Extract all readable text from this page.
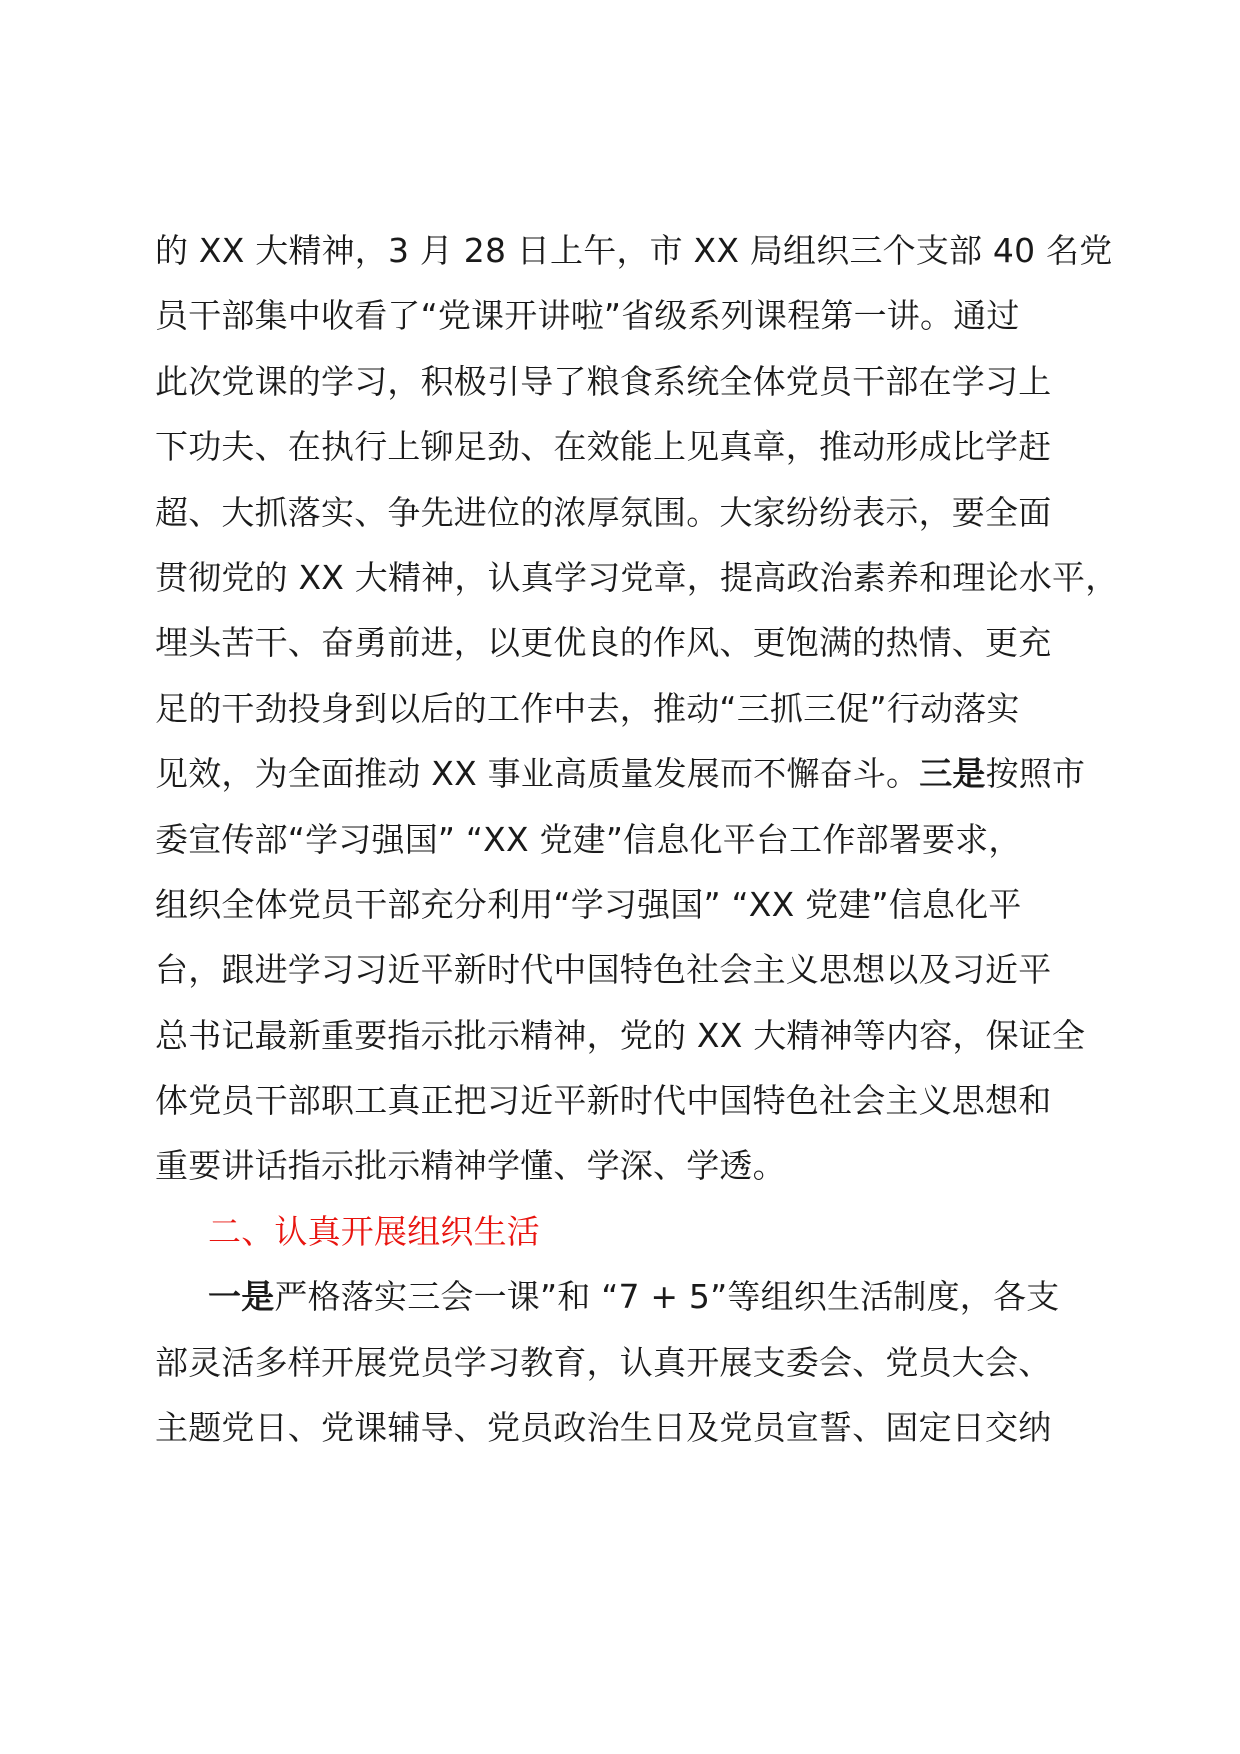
的 XX 大精神，3 月 28 日上午，市 XX 局组织三个支部 40 名党
员干部集中收看了“党课开讲啦”省级系列课程第一讲。通过
此次党课的学习，积极引导了粮食系统全体党员干部在学习上
下功夫、在执行上铆足劲、在效能上见真章，推动形成比学赶
超、大抓落实、争先进位的浓厚氛围。大家纷纷表示，要全面
贯彻党的 XX 大精神，认真学习党章，提高政治素养和理论水平，
埋头苦干、奋勇前进，以更优良的作风、更饱满的热情、更充
足的干劲投身到以后的工作中去，推动“三抓三促”行动落实
见效，为全面推动 XX 事业高质量发展而不懈奋斗。三是按照市
委宣传部“学习强国” “XX 党建”信息化平台工作部署要求，
组织全体党员干部充分利用“学习强国” “XX 党建”信息化平
台，跟进学习习近平新时代中国特色社会主义思想以及习近平
总书记最新重要指示批示精神，党的 XX 大精神等内容，保证全
体党员干部职工真正把习近平新时代中国特色社会主义思想和
重要讲话指示批示精神学懂、学深、学透。
二、认真开展组织生活
一是严格落实三会一课”和 “7 + 5”等组织生活制度，各支
部灵活多样开展党员学习教育，认真开展支委会、党员大会、
主题党日、党课辅导、党员政治生日及党员宣誓、固定日交纳
